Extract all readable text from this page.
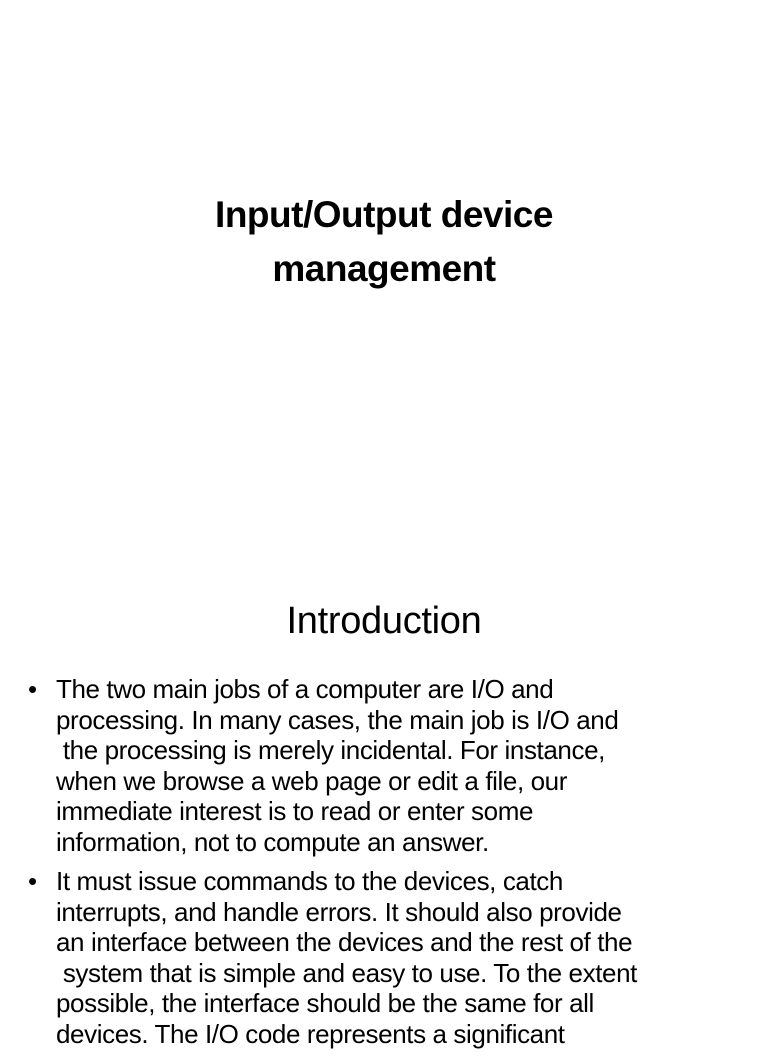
Input/Output device
management
Introduction
• The two main jobs of a computer are I/O and
processing. In many cases, the main job is I/O and
the processing is merely incidental. For instance,
when we browse a web page or edit a file, our
immediate interest is to read or enter some
information, not to compute an answer.
• It must issue commands to the devices, catch
interrupts, and handle errors. It should also provide
an interface between the devices and the rest of the
system that is simple and easy to use. To the extent
possible, the interface should be the same for all
devices. The I/O code represents a significant
